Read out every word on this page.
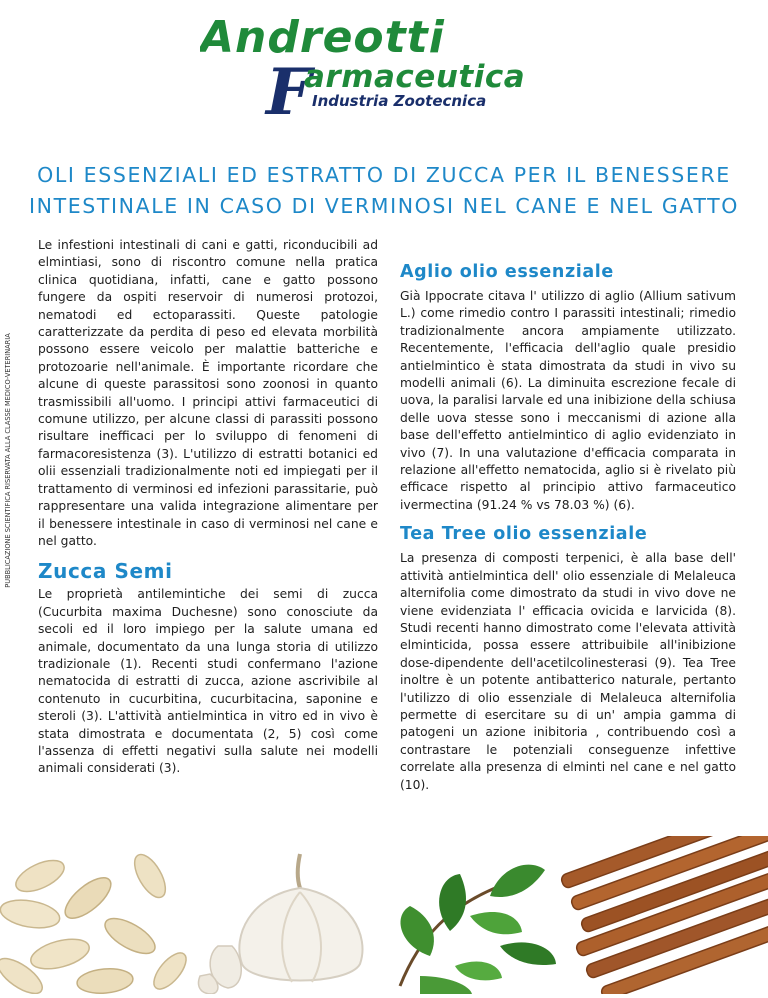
Andreotti
F
armaceutica
Industria Zootecnica
OLI ESSENZIALI ED ESTRATTO DI ZUCCA PER IL BENESSERE
INTESTINALE IN CASO DI VERMINOSI NEL CANE E NEL GATTO
PUBBLICAZIONE SCIENTIFICA RISERVATA ALLA CLASSE MEDICO-VETERINARIA

Le infestioni intestinali di cani e gatti, riconducibili ad elmintiasi, sono di riscontro comune nella pratica clinica quotidiana, infatti, cane e gatto possono fungere da ospiti reservoir di numerosi protozoi, nematodi ed ectoparassiti. Queste patologie caratterizzate da perdita di peso ed elevata morbilità possono essere veicolo per malattie batteriche e protozoarie nell'animale. È importante ricordare che alcune di queste parassitosi sono zoonosi in quanto trasmissibili all'uomo. I principi attivi farmaceutici di comune utilizzo, per alcune classi di parassiti possono risultare inefficaci per lo sviluppo di fenomeni di farmacoresistenza (3). L'utilizzo di estratti botanici ed olii essenziali tradizionalmente noti ed impiegati per il trattamento di verminosi ed infezioni parassitarie, può rappresentare una valida integrazione alimentare per il benessere intestinale in caso di verminosi nel cane e nel gatto.

Zucca Semi

Le proprietà antilemintiche dei semi di zucca (Cucurbita maxima Duchesne) sono conosciute da secoli ed il loro impiego per la salute umana ed animale, documentato da una lunga storia di utilizzo tradizionale (1). Recenti studi confermano l'azione nematocida di estratti di zucca, azione ascrivibile al contenuto in cucurbitina, cucurbitacina, saponine e steroli (3). L'attività antielmintica in vitro ed in vivo è stata dimostrata e documentata (2, 5) così come l'assenza di effetti negativi sulla salute nei modelli animali considerati (3).

Aglio olio essenziale

Già Ippocrate citava l' utilizzo di aglio (Allium sativum L.) come rimedio contro I parassiti intestinali; rimedio tradizionalmente ancora ampiamente utilizzato. Recentemente, l'efficacia dell'aglio quale presidio antielmintico è stata dimostrata da studi in vivo su modelli animali (6). La diminuita escrezione fecale di uova, la paralisi larvale ed una inibizione della schiusa delle uova stesse sono i meccanismi di azione alla base dell'effetto antielmintico di aglio evidenziato in vivo (7). In una valutazione d'efficacia comparata in relazione all'effetto nematocida, aglio si è rivelato più efficace rispetto al principio attivo farmaceutico ivermectina (91.24 % vs 78.03 %) (6).

Tea Tree olio essenziale

La presenza di composti terpenici, è alla base dell' attività antielmintica dell' olio essenziale di Melaleuca alternifolia come dimostrato da studi in vivo dove ne viene evidenziata l' efficacia ovicida e larvicida (8). Studi recenti hanno dimostrato come l'elevata attività elminticida, possa essere attribuibile all'inibizione dose-dipendente dell'acetilcolinesterasi (9). Tea Tree inoltre è un potente antibatterico naturale, pertanto l'utilizzo di olio essenziale di Melaleuca alternifolia permette di esercitare su di un' ampia gamma di patogeni un azione inibitoria , contribuendo così a contrastare le potenziali conseguenze infettive correlate alla presenza di elminti nel cane e nel gatto (10).
